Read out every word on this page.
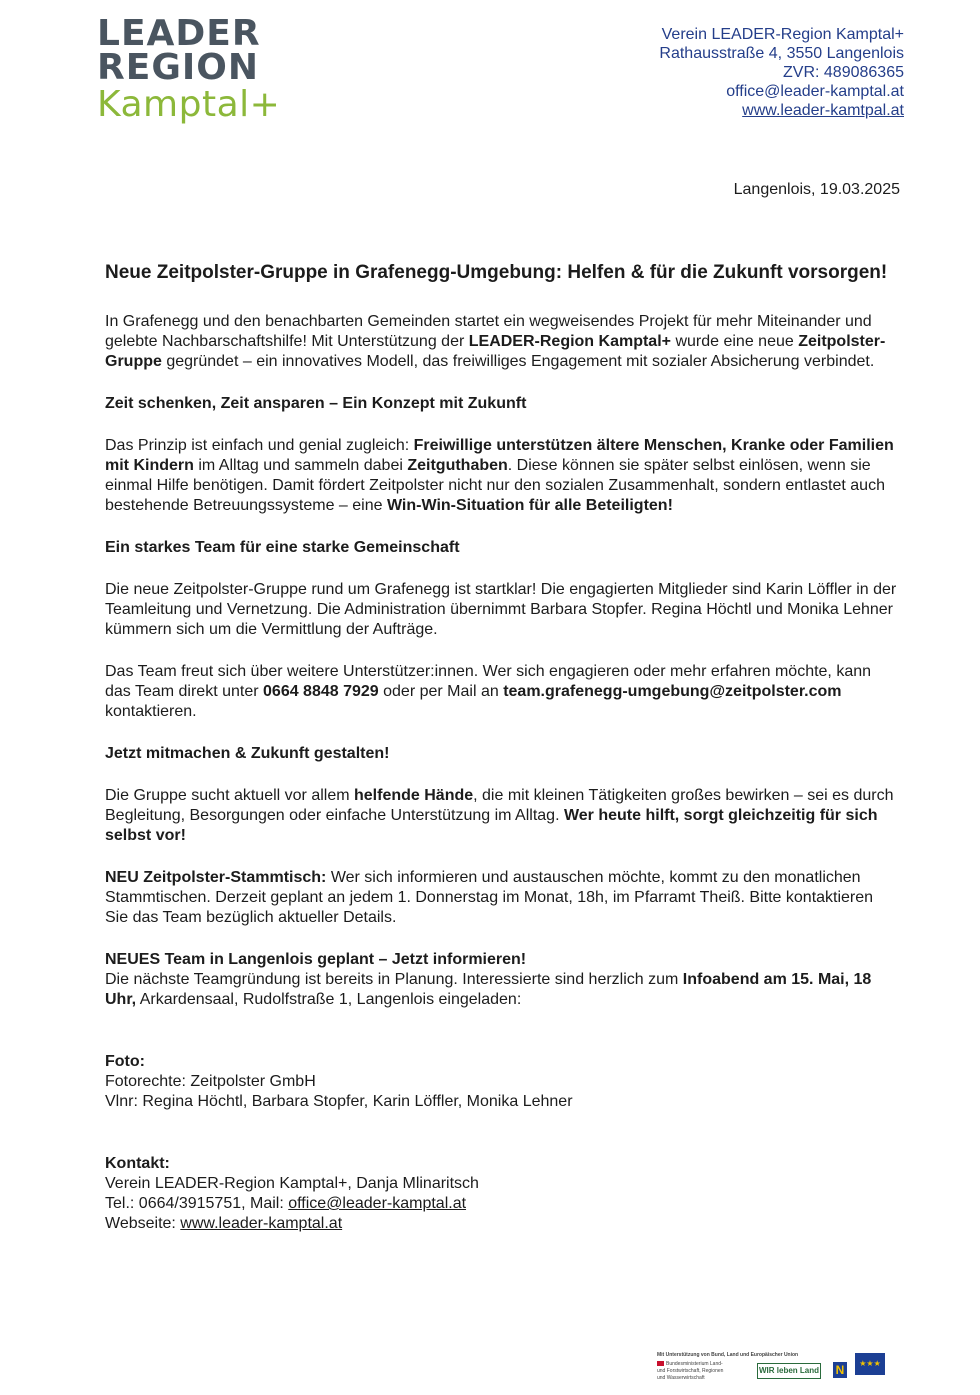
LEADER
REGION
Kamptal+
Verein LEADER-Region Kamptal+
Rathausstraße 4, 3550 Langenlois
ZVR: 489086365
office@leader-kamptal.at
www.leader-kamtpal.at
Langenlois, 19.03.2025
Neue Zeitpolster-Gruppe in Grafenegg-Umgebung: Helfen & für die Zukunft vorsorgen!

In Grafenegg und den benachbarten Gemeinden startet ein wegweisendes Projekt für mehr Miteinander und gelebte Nachbarschaftshilfe! Mit Unterstützung der LEADER-Region Kamptal+ wurde eine neue Zeitpolster-Gruppe gegründet – ein innovatives Modell, das freiwilliges Engagement mit sozialer Absicherung verbindet.

Zeit schenken, Zeit ansparen – Ein Konzept mit Zukunft

Das Prinzip ist einfach und genial zugleich: Freiwillige unterstützen ältere Menschen, Kranke oder Familien mit Kindern im Alltag und sammeln dabei Zeitguthaben. Diese können sie später selbst einlösen, wenn sie einmal Hilfe benötigen. Damit fördert Zeitpolster nicht nur den sozialen Zusammenhalt, sondern entlastet auch bestehende Betreuungssysteme – eine Win-Win-Situation für alle Beteiligten!

Ein starkes Team für eine starke Gemeinschaft

Die neue Zeitpolster-Gruppe rund um Grafenegg ist startklar! Die engagierten Mitglieder sind Karin Löffler in der Teamleitung und Vernetzung. Die Administration übernimmt Barbara Stopfer. Regina Höchtl und Monika Lehner kümmern sich um die Vermittlung der Aufträge.

Das Team freut sich über weitere Unterstützer:innen. Wer sich engagieren oder mehr erfahren möchte, kann das Team direkt unter 0664 8848 7929 oder per Mail an team.grafenegg-umgebung@zeitpolster.com kontaktieren.

Jetzt mitmachen & Zukunft gestalten!

Die Gruppe sucht aktuell vor allem helfende Hände, die mit kleinen Tätigkeiten großes bewirken – sei es durch Begleitung, Besorgungen oder einfache Unterstützung im Alltag. Wer heute hilft, sorgt gleichzeitig für sich selbst vor!

NEU Zeitpolster-Stammtisch: Wer sich informieren und austauschen möchte, kommt zu den monatlichen Stammtischen. Derzeit geplant an jedem 1. Donnerstag im Monat, 18h, im Pfarramt Theiß. Bitte kontaktieren Sie das Team bezüglich aktueller Details.

NEUES Team in Langenlois geplant – Jetzt informieren!

Die nächste Teamgründung ist bereits in Planung. Interessierte sind herzlich zum Infoabend am 15. Mai, 18 Uhr, Arkardensaal, Rudolfstraße 1, Langenlois eingeladen:

Foto:

Fotorechte: Zeitpolster GmbH

Vlnr: Regina Höchtl, Barbara Stopfer, Karin Löffler, Monika Lehner

Kontakt:

Verein LEADER-Region Kamptal+, Danja Mlinaritsch

Tel.: 0664/3915751, Mail: office@leader-kamptal.at

Webseite: www.leader-kamptal.at

Mit Unterstützung von Bund, Land und Europäischer Union
Bundesministerium Land- und Forstwirtschaft, Regionen und Wasserwirtschaft
WIR leben Land N	★★★
